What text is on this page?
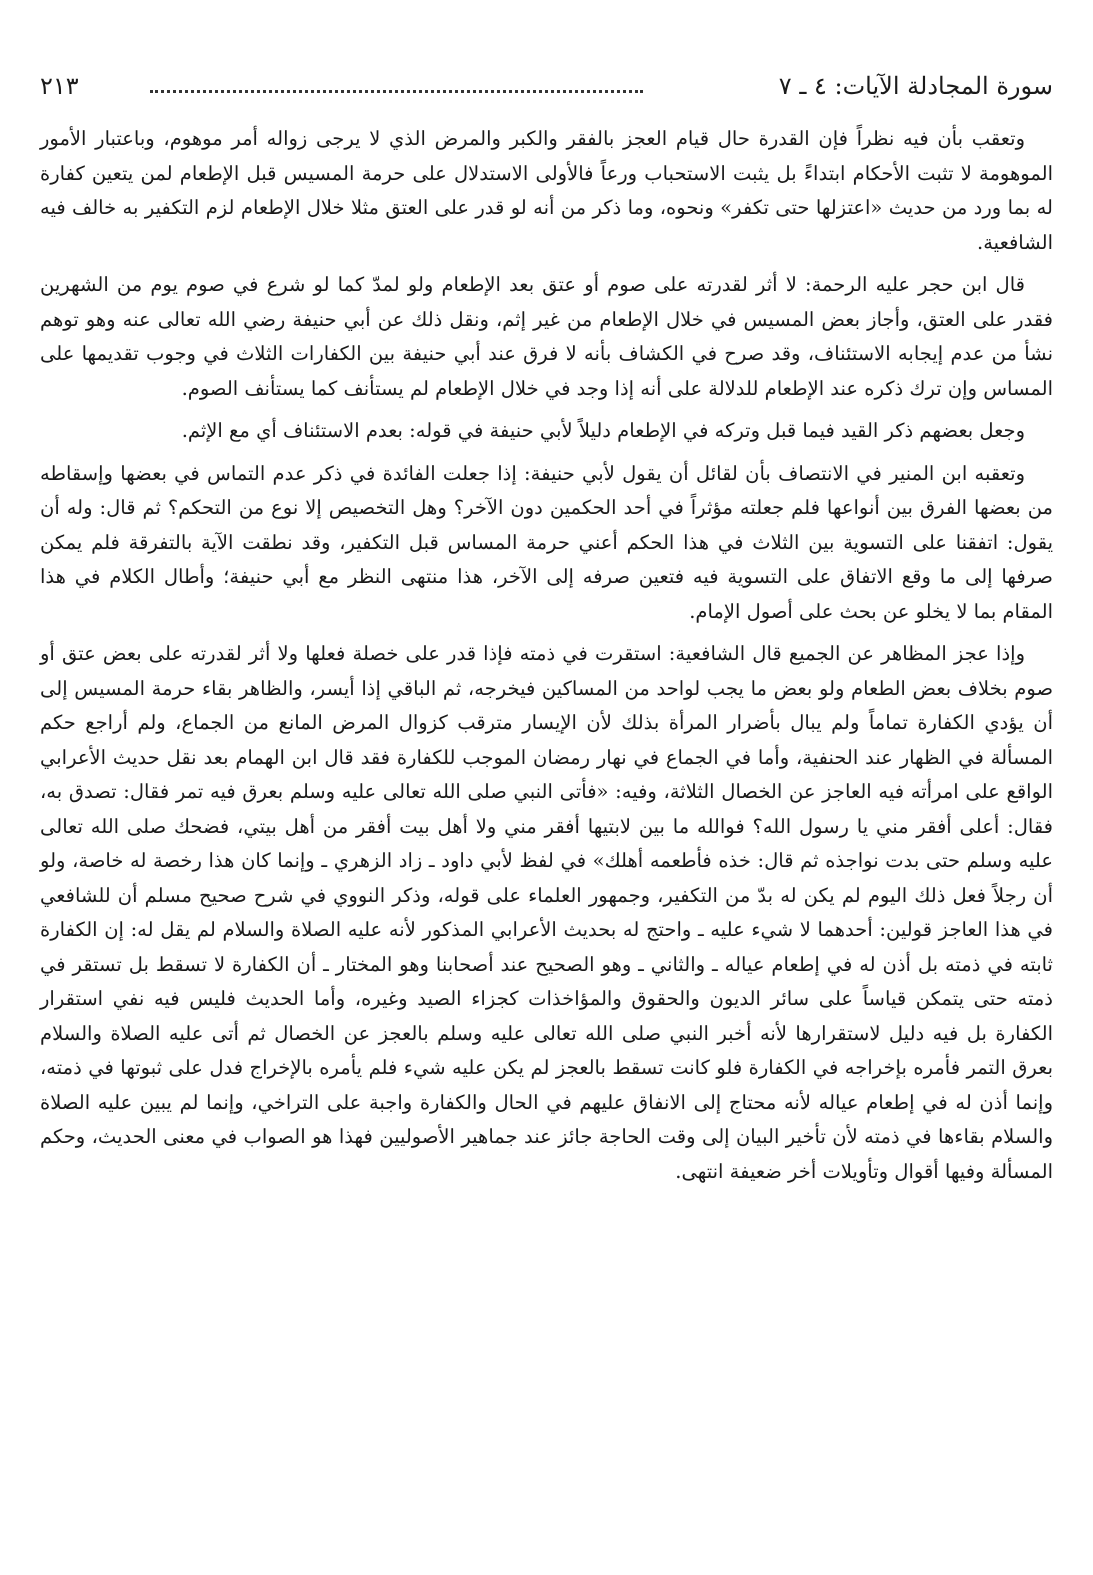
سورة المجادلة الآيات: ٤ ـ ٧
٢١٣

وتعقب بأن فيه نظراً فإن القدرة حال قيام العجز بالفقر والكبر والمرض الذي لا يرجى زواله أمر موهوم، وباعتبار الأمور الموهومة لا تثبت الأحكام ابتداءً بل يثبت الاستحباب ورعاً فالأولى الاستدلال على حرمة المسيس قبل الإطعام لمن يتعين كفارة له بما ورد من حديث «اعتزلها حتى تكفر» ونحوه، وما ذكر من أنه لو قدر على العتق مثلا خلال الإطعام لزم التكفير به خالف فيه الشافعية.

قال ابن حجر عليه الرحمة: لا أثر لقدرته على صوم أو عتق بعد الإطعام ولو لمدّ كما لو شرع في صوم يوم من الشهرين فقدر على العتق، وأجاز بعض المسيس في خلال الإطعام من غير إثم، ونقل ذلك عن أبي حنيفة رضي الله تعالى عنه وهو توهم نشأ من عدم إيجابه الاستئناف، وقد صرح في الكشاف بأنه لا فرق عند أبي حنيفة بين الكفارات الثلاث في وجوب تقديمها على المساس وإن ترك ذكره عند الإطعام للدلالة على أنه إذا وجد في خلال الإطعام لم يستأنف كما يستأنف الصوم.

وجعل بعضهم ذكر القيد فيما قبل وتركه في الإطعام دليلاً لأبي حنيفة في قوله: بعدم الاستئناف أي مع الإثم.

وتعقبه ابن المنير في الانتصاف بأن لقائل أن يقول لأبي حنيفة: إذا جعلت الفائدة في ذكر عدم التماس في بعضها وإسقاطه من بعضها الفرق بين أنواعها فلم جعلته مؤثراً في أحد الحكمين دون الآخر؟ وهل التخصيص إلا نوع من التحكم؟ ثم قال: وله أن يقول: اتفقنا على التسوية بين الثلاث في هذا الحكم أعني حرمة المساس قبل التكفير، وقد نطقت الآية بالتفرقة فلم يمكن صرفها إلى ما وقع الاتفاق على التسوية فيه فتعين صرفه إلى الآخر، هذا منتهى النظر مع أبي حنيفة؛ وأطال الكلام في هذا المقام بما لا يخلو عن بحث على أصول الإمام.

وإذا عجز المظاهر عن الجميع قال الشافعية: استقرت في ذمته فإذا قدر على خصلة فعلها ولا أثر لقدرته على بعض عتق أو صوم بخلاف بعض الطعام ولو بعض ما يجب لواحد من المساكين فيخرجه، ثم الباقي إذا أيسر، والظاهر بقاء حرمة المسيس إلى أن يؤدي الكفارة تماماً ولم يبال بأضرار المرأة بذلك لأن الإيسار مترقب كزوال المرض المانع من الجماع، ولم أراجع حكم المسألة في الظهار عند الحنفية، وأما في الجماع في نهار رمضان الموجب للكفارة فقد قال ابن الهمام بعد نقل حديث الأعرابي الواقع على امرأته فيه العاجز عن الخصال الثلاثة، وفيه: «فأتى النبي صلى الله تعالى عليه وسلم بعرق فيه تمر فقال: تصدق به، فقال: أعلى أفقر مني يا رسول الله؟ فوالله ما بين لابتيها أفقر مني ولا أهل بيت أفقر من أهل بيتي، فضحك صلى الله تعالى عليه وسلم حتى بدت نواجذه ثم قال: خذه فأطعمه أهلك» في لفظ لأبي داود ـ زاد الزهري ـ وإنما كان هذا رخصة له خاصة، ولو أن رجلاً فعل ذلك اليوم لم يكن له بدّ من التكفير، وجمهور العلماء على قوله، وذكر النووي في شرح صحيح مسلم أن للشافعي في هذا العاجز قولين: أحدهما لا شيء عليه ـ واحتج له بحديث الأعرابي المذكور لأنه عليه الصلاة والسلام لم يقل له: إن الكفارة ثابته في ذمته بل أذن له في إطعام عياله ـ والثاني ـ وهو الصحيح عند أصحابنا وهو المختار ـ أن الكفارة لا تسقط بل تستقر في ذمته حتى يتمكن قياساً على سائر الديون والحقوق والمؤاخذات كجزاء الصيد وغيره، وأما الحديث فليس فيه نفي استقرار الكفارة بل فيه دليل لاستقرارها لأنه أخبر النبي صلى الله تعالى عليه وسلم بالعجز عن الخصال ثم أتى عليه الصلاة والسلام بعرق التمر فأمره بإخراجه في الكفارة فلو كانت تسقط بالعجز لم يكن عليه شيء فلم يأمره بالإخراج فدل على ثبوتها في ذمته، وإنما أذن له في إطعام عياله لأنه محتاج إلى الانفاق عليهم في الحال والكفارة واجبة على التراخي، وإنما لم يبين عليه الصلاة والسلام بقاءها في ذمته لأن تأخير البيان إلى وقت الحاجة جائز عند جماهير الأصوليين فهذا هو الصواب في معنى الحديث، وحكم المسألة وفيها أقوال وتأويلات أخر ضعيفة انتهى.
